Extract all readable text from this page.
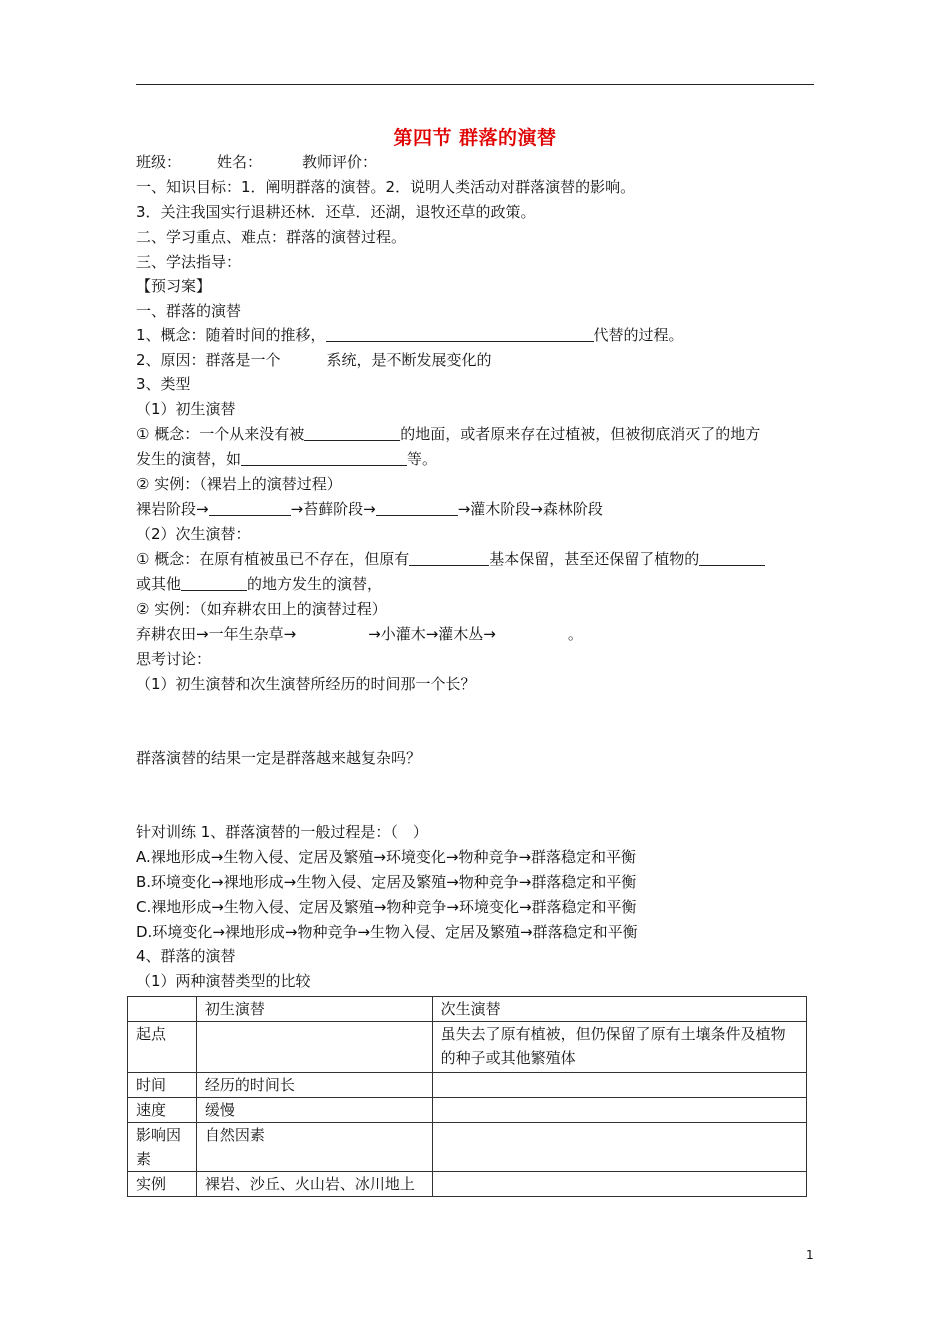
第四节 群落的演替
班级： 姓名：	教师评价：
一、知识目标：1．阐明群落的演替。2．说明人类活动对群落演替的影响。
3．关注我国实行退耕还林．还草．还湖，退牧还草的政策。
二、学习重点、难点：群落的演替过程。
三、学法指导：
【预习案】
一、群落的演替
1、概念：随着时间的推移，	代替的过程。
2、原因：群落是一个	系统，是不断发展变化的
3、类型
（1）初生演替
① 概念：一个从来没有被	的地面，或者原来存在过植被，但被彻底消灭了的地方
发生的演替，如	等。
② 实例：（裸岩上的演替过程）
裸岩阶段→	→苔藓阶段→	→灌木阶段→森林阶段
（2）次生演替：
① 概念：在原有植被虽已不存在，但原有	基本保留，甚至还保留了植物的
或其他	的地方发生的演替，
② 实例：（如弃耕农田上的演替过程）
弃耕农田→一年生杂草→	→小灌木→灌木丛→	。
思考讨论：
（1）初生演替和次生演替所经历的时间那一个长？
群落演替的结果一定是群落越来越复杂吗？
针对训练 1、群落演替的一般过程是：（　）
A.裸地形成→生物入侵、定居及繁殖→环境变化→物种竞争→群落稳定和平衡
B.环境变化→裸地形成→生物入侵、定居及繁殖→物种竞争→群落稳定和平衡
C.裸地形成→生物入侵、定居及繁殖→物种竞争→环境变化→群落稳定和平衡
D.环境变化→裸地形成→物种竞争→生物入侵、定居及繁殖→群落稳定和平衡
4、群落的演替
（1）两种演替类型的比较
	初生演替	次生演替
起点		虽失去了原有植被，但仍保留了原有土壤条件及植物的种子或其他繁殖体
时间	经历的时间长	
速度	缓慢	
影响因素	自然因素	
实例	裸岩、沙丘、火山岩、冰川地上	
1
